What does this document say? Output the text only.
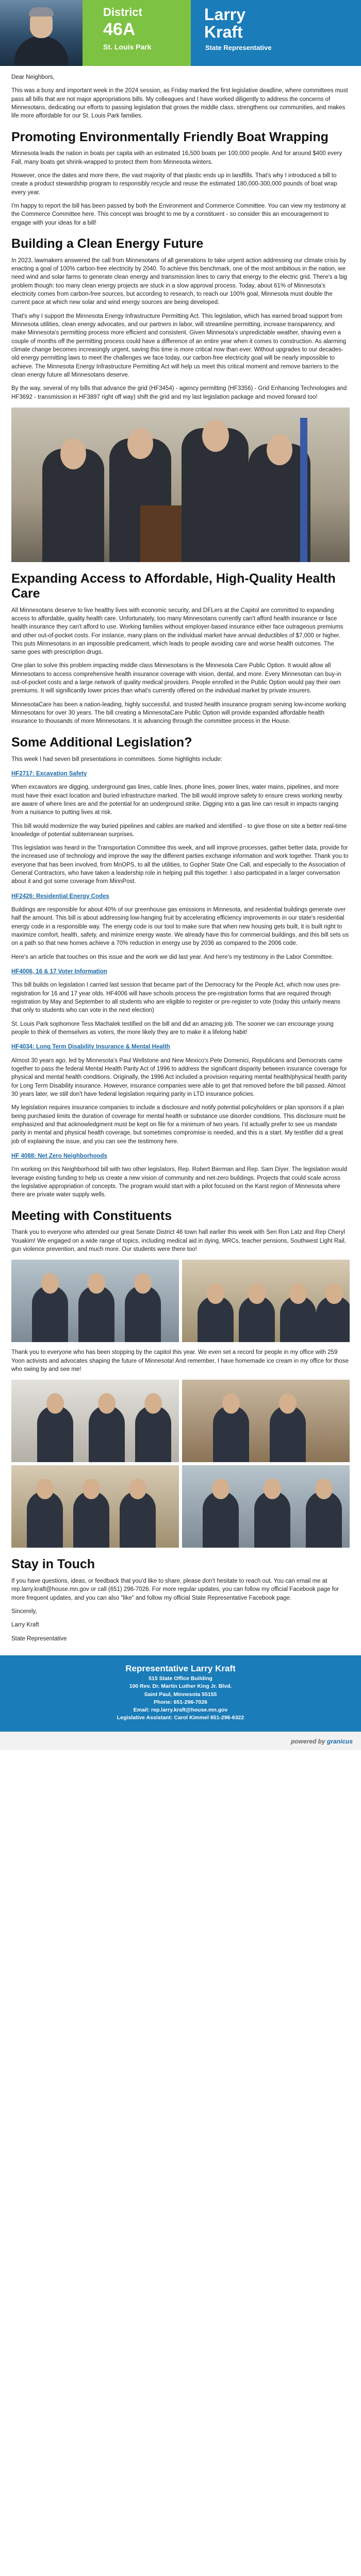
District
46A
St. Louis Park
Larry
Kraft
State Representative

Dear Neighbors,

This was a busy and important week in the 2024 session, as Friday marked the first legislative deadline, where committees must pass all bills that are not major appropriations bills. My colleagues and I have worked diligently to address the concerns of Minnesotans, dedicating our efforts to passing legislation that grows the middle class, strengthens our communities, and makes life more affordable for our St. Louis Park families.

Promoting Environmentally Friendly Boat Wrapping

Minnesota leads the nation in boats per capita with an estimated 16,500 boats per 100,000 people. And for around $400 every Fall, many boats get shrink-wrapped to protect them from Minnesota winters.

However, once the dates and more there, the vast majority of that plastic ends up in landfills. That's why I introduced a bill to create a product stewardship program to responsibly recycle and reuse the estimated 180,000-300,000 pounds of boat wrap every year.

I'm happy to report the bill has been passed by both the Environment and Commerce Committee. You can view my testimony at the Commerce Committee here. This concept was brought to me by a constituent - so consider this an encouragement to engage with your ideas for a bill!

Building a Clean Energy Future

In 2023, lawmakers answered the call from Minnesotans of all generations to take urgent action addressing our climate crisis by enacting a goal of 100% carbon-free electricity by 2040. To achieve this benchmark, one of the most ambitious in the nation, we need wind and solar farms to generate clean energy and transmission lines to carry that energy to the electric grid. There's a big problem though: too many clean energy projects are stuck in a slow approval process. Today, about 61% of Minnesota's electricity comes from carbon-free sources, but according to research, to reach our 100% goal, Minnesota must double the current pace at which new solar and wind energy sources are being developed.

That's why I support the Minnesota Energy Infrastructure Permitting Act. This legislation, which has earned broad support from Minnesota utilities, clean energy advocates, and our partners in labor, will streamline permitting, increase transparency, and make Minnesota's permitting process more efficient and consistent. Given Minnesota's unpredictable weather, shaving even a couple of months off the permitting process could have a difference of an entire year when it comes to construction. As alarming climate change becomes increasingly urgent, saving this time is more critical now than ever. Without upgrades to our decades-old energy permitting laws to meet the challenges we face today, our carbon-free electricity goal will be nearly impossible to achieve. The Minnesota Energy Infrastructure Permitting Act will help us meet this critical moment and remove barriers to the clean energy future all Minnesotans deserve.

By the way, several of my bills that advance the grid (HF3454) - agency permitting (HF3356) - Grid Enhancing Technologies and HF3692 - transmission in HF3897 right off way) shift the grid and my last legislation package and moved forward too!

Expanding Access to Affordable, High-Quality Health Care

All Minnesotans deserve to live healthy lives with economic security, and DFLers at the Capitol are committed to expanding access to affordable, quality health care. Unfortunately, too many Minnesotans currently can't afford health insurance or face health insurance they can't afford to use. Working families without employer-based insurance either face outrageous premiums and other out-of-pocket costs. For instance, many plans on the individual market have annual deductibles of $7,000 or higher. This puts Minnesotans in an impossible predicament, which leads to people avoiding care and worse health outcomes. The same goes with prescription drugs.

One plan to solve this problem impacting middle class Minnesotans is the Minnesota Care Public Option. It would allow all Minnesotans to access comprehensive health insurance coverage with vision, dental, and more. Every Minnesotan can buy-in out-of-pocket costs and a large network of quality medical providers. People enrolled in the Public Option would pay their own premiums. It will significantly lower prices than what's currently offered on the individual market by private insurers.

MinnesotaCare has been a nation-leading, highly successful, and trusted health insurance program serving low-income working Minnesotans for over 30 years. The bill creating a MinnesotaCare Public Option will provide expanded affordable health insurance to thousands of more Minnesotans. It is advancing through the committee process in the House.

Some Additional Legislation?

This week I had seven bill presentations in committees. Some highlights include:

HF2717: Excavation Safety

When excavators are digging, underground gas lines, cable lines, phone lines, power lines, water mains, pipelines, and more must have their exact location and buried infrastructure marked. The bill would improve safety to ensure crews working nearby are aware of where lines are and the potential for an underground strike. Digging into a gas line can result in impacts ranging from a nuisance to putting lives at risk.

This bill would modernize the way buried pipelines and cables are marked and identified - to give those on site a better real-time knowledge of potential subterranean surprises.

This legislation was heard in the Transportation Committee this week, and will improve processes, gather better data, provide for the increased use of technology and improve the way the different parties exchange information and work together. Thank you to everyone that has been involved, from MnOPS, to all the utilities, to Gopher State One Call, and especially to the Association of General Contractors, who have taken a leadership role in helping pull this together. I also participated in a larger conversation about it and got some coverage from MinnPost.

HF2426: Residential Energy Codes

Buildings are responsible for about 40% of our greenhouse gas emissions in Minnesota, and residential buildings generate over half the amount. This bill is about addressing low-hanging fruit by accelerating efficiency improvements in our state's residential energy code in a responsible way. The energy code is our tool to make sure that when new housing gets built, it is built right to maximize comfort, health, safety, and minimize energy waste. We already have this for commercial buildings, and this bill sets us on a path so that new homes achieve a 70% reduction in energy use by 2036 as compared to the 2006 code.

Here's an article that touches on this issue and the work we did last year. And here's my testimony in the Labor Committee.

HF4006, 16 & 17 Voter Information

This bill builds on legislation I carried last session that became part of the Democracy for the People Act, which now uses pre-registration for 16 and 17 year olds. HF4006 will have schools process the pre-registration forms that are required through registration by May and September to all students who are eligible to register or pre-register to vote (today this unfairly means that only to students who can vote in the next election)

St. Louis Park sophomore Tess Machalek testified on the bill and did an amazing job. The sooner we can encourage young people to think of themselves as voters, the more likely they are to make it a lifelong habit!

HF4034: Long Term Disability Insurance & Mental Health

Almost 30 years ago, led by Minnesota's Paul Wellstone and New Mexico's Pete Domenici, Republicans and Democrats came together to pass the federal Mental Health Parity Act of 1996 to address the significant disparity between insurance coverage for physical and mental health conditions. Originally, the 1996 Act included a provision requiring mental health/physical health parity for Long Term Disability insurance. However, insurance companies were able to get that removed before the bill passed. Almost 30 years later, we still don't have federal legislation requiring parity in LTD insurance policies.

My legislation requires insurance companies to include a disclosure and notify potential policyholders or plan sponsors if a plan being purchased limits the duration of coverage for mental health or substance use disorder conditions. This disclosure must be emphasized and that acknowledgment must be kept on file for a minimum of two years. I'd actually prefer to see us mandate parity in mental and physical health coverage, but sometimes compromise is needed, and this is a start. My testifier did a great job of explaining the issue, and you can see the testimony here.

HF 4088: Net Zero Neighborhoods

I'm working on this Neighborhood bill with two other legislators, Rep. Robert Bierman and Rep. Sam Diyer. The legislation would leverage existing funding to help us create a new vision of community and net-zero buildings. Projects that could scale across the legislative appropriation of concepts. The program would start with a pilot focused on the Karst region of Minnesota where there are private water supply wells.

Meeting with Constituents

Thank you to everyone who attended our great Senate District 46 town hall earlier this week with Sen Ron Latz and Rep Cheryl Youakim! We engaged on a wide range of topics, including medical aid in dying, MRCs, teacher pensions, Southwest Light Rail, gun violence prevention, and much more. Our students were there too!

Thank you to everyone who has been stopping by the capitol this year. We even set a record for people in my office with 259 Yoon activists and advocates shaping the future of Minnesota! And remember, I have homemade ice cream in my office for those who swing by and see me!

Stay in Touch

If you have questions, ideas, or feedback that you'd like to share, please don't hesitate to reach out. You can email me at rep.larry.kraft@house.mn.gov or call (651) 296-7026. For more regular updates, you can follow my official Facebook page for more frequent updates, and you can also "like" and follow my official State Representative Facebook page.

Sincerely,

Larry Kraft

State Representative

Representative Larry Kraft
515 State Office Building
100 Rev. Dr. Martin Luther King Jr. Blvd.
Saint Paul, Minnesota 55155
Phone: 651-296-7026
Email: rep.larry.kraft@house.mn.gov
Legislative Assistant: Carol Kimmel 651-296-6322
powered by granicus
